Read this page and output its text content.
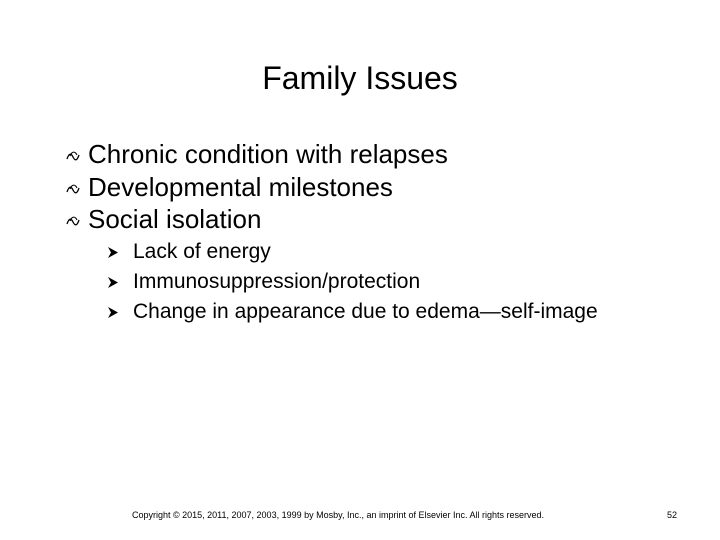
Family Issues
Chronic condition with relapses
Developmental milestones
Social isolation
Lack of energy
Immunosuppression/protection
Change in appearance due to edema—self-image
Copyright © 2015, 2011, 2007, 2003, 1999 by Mosby, Inc., an imprint of Elsevier Inc. All rights reserved.	52
